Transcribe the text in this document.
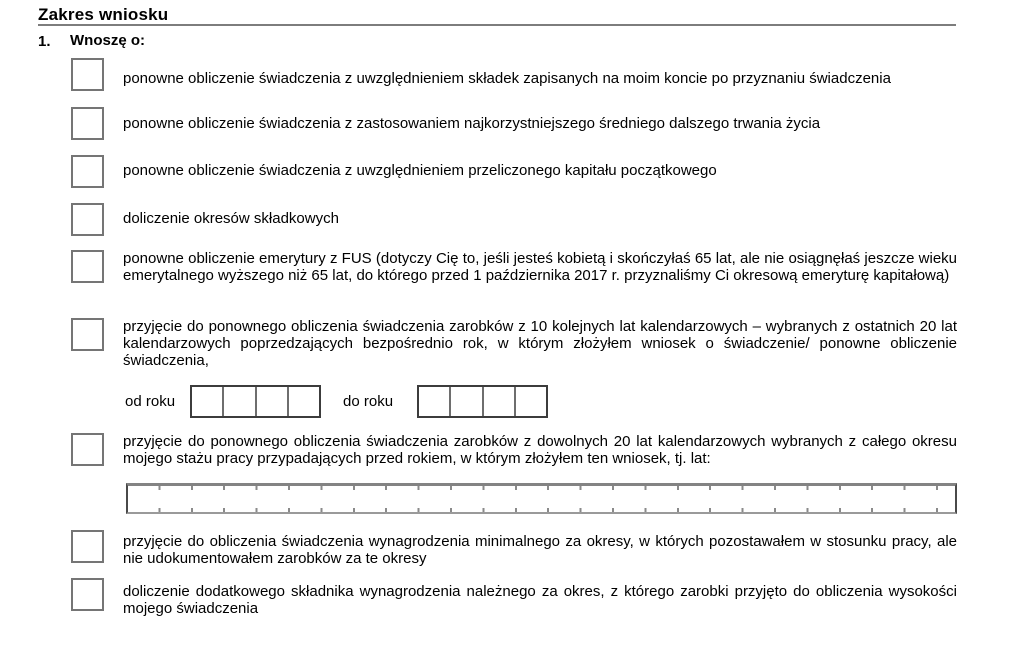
Zakres wniosku
1. Wnoszę o:
ponowne obliczenie świadczenia z uwzględnieniem składek zapisanych na moim koncie po przyznaniu świadczenia
ponowne obliczenie świadczenia z zastosowaniem najkorzystniejszego średniego dalszego trwania życia
ponowne obliczenie świadczenia z uwzględnieniem przeliczonego kapitału początkowego
doliczenie okresów składkowych
ponowne obliczenie emerytury z FUS (dotyczy Cię to, jeśli jesteś kobietą i skończyłaś 65 lat, ale nie osiągnęłaś jeszcze wieku emerytalnego wyższego niż 65 lat, do którego przed 1 października 2017 r. przyznaliśmy Ci okresową emeryturę kapitałową)
przyjęcie do ponownego obliczenia świadczenia zarobków z 10 kolejnych lat kalendarzowych – wybranych z ostatnich 20 lat kalendarzowych poprzedzających bezpośrednio rok, w którym złożyłem wniosek o świadczenie/ ponowne obliczenie świadczenia,
od roku	do roku
przyjęcie do ponownego obliczenia świadczenia zarobków z dowolnych 20 lat kalendarzowych wybranych z całego okresu mojego stażu pracy przypadających przed rokiem, w którym złożyłem ten wniosek, tj. lat:
przyjęcie do obliczenia świadczenia wynagrodzenia minimalnego za okresy, w których pozostawałem w stosunku pracy, ale nie udokumentowałem zarobków za te okresy
doliczenie dodatkowego składnika wynagrodzenia należnego za okres, z którego zarobki przyjęto do obliczenia wysokości mojego świadczenia
